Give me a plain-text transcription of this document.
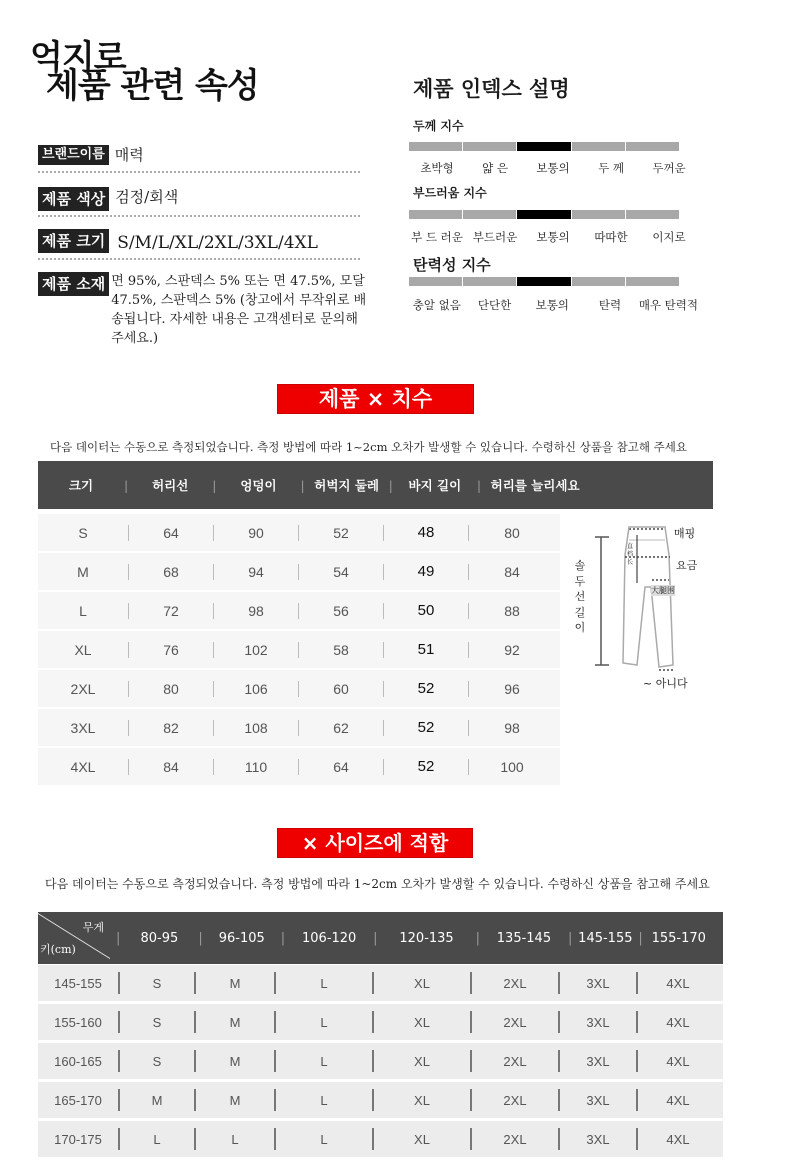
억지로
제품 관련 속성
브랜드이름 매력
제품 색상 검정/회색
제품 크기 S/M/L/XL/2XL/3XL/4XL
제품 소재 면 95%, 스판덱스 5% 또는 면 47.5%, 모달 47.5%, 스판덱스 5% (창고에서 무작위로 배송됩니다. 자세한 내용은 고객센터로 문의해 주세요.)
제품 인덱스 설명
두께 지수
초박형	얇 은	보통의	두 께	두꺼운
부드러움 지수
부 드 러운 부드러운	보통의	따따한	이지로
탄력성 지수
충알 없음	단단한	보통의	탄력	매우 탄력적
제품 × 치수
다음 데이터는 수동으로 측정되었습니다. 측정 방법에 따라 1~2cm 오차가 발생할 수 있습니다. 수령하신 상품을 참고해 주세요
크기	|	허리선	|	엉덩이	| 허벅지 둘레 |	바지 길이	| 허리를 늘리세요
S	64	90	52	48	80
M	68	94	54	49	84
L	72	98	56	50	88
XL	76	102	58	51	92
2XL	80	106	60	52	96
3XL	82	108	62	52	98
4XL	84	110	64	52	100
매핑
요금
大腿围
直档长
~ 아니다
솔 두 선 길 이
× 사이즈에 적합
다음 데이터는 수동으로 측정되었습니다. 측정 방법에 따라 1~2cm 오차가 발생할 수 있습니다. 수령하신 상품을 참고해 주세요
무게
키(cm)
|	80-95	|	96-105	|	106-120	|	120-135	|	135-145	| 145-155 | 155-170
145-155	S	M	L	XL	2XL	3XL	4XL
155-160	S	M	L	XL	2XL	3XL	4XL
160-165	S	M	L	XL	2XL	3XL	4XL
165-170	M	M	L	XL	2XL	3XL	4XL
170-175	L	L	L	XL	2XL	3XL	4XL
